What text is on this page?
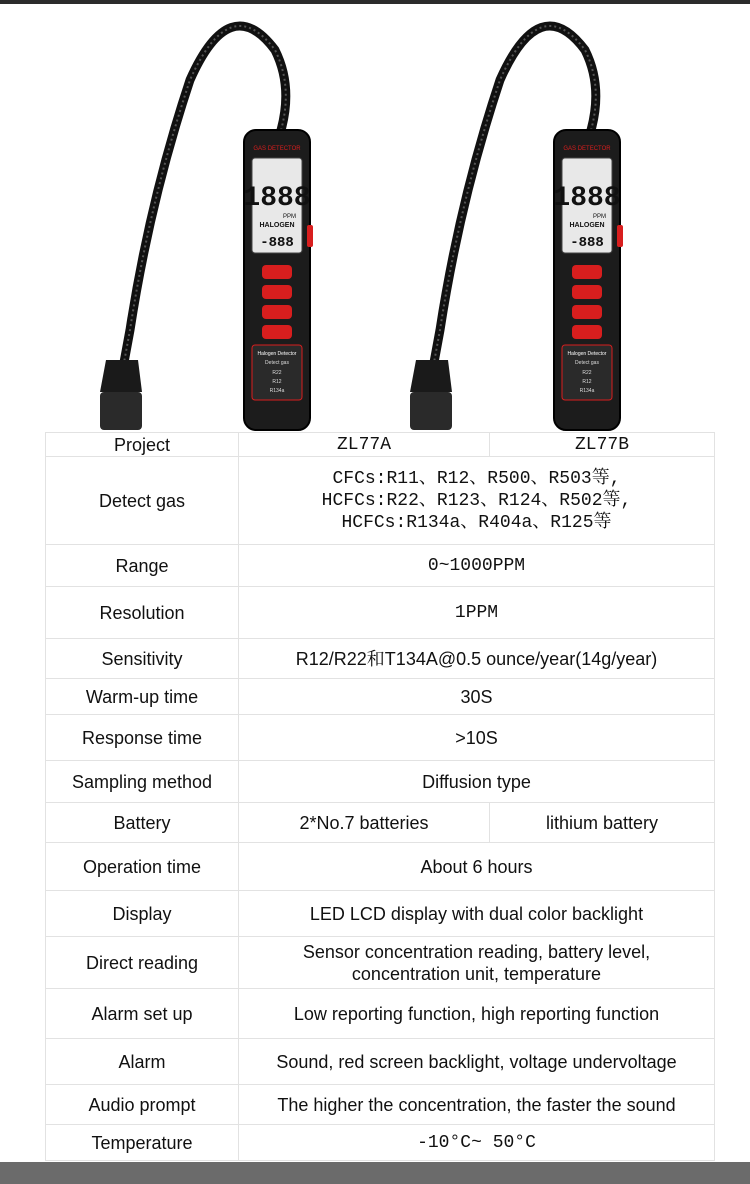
GAS DETECTOR
1888
PPM
HALOGEN
-888
Halogen Detector
Detect gas
R22
R12
R134a
GAS DETECTOR
1888
PPM
HALOGEN
-888
Halogen Detector
Detect gas
R22
R12
R134a
Project	ZL77A	ZL77B
Detect gas	CFCs:R11、R12、R500、R503等,
HCFCs:R22、R123、R124、R502等,
HCFCs:R134a、R404a、R125等	

Range	0~1000PPM	
Resolution	1PPM	
Sensitivity	R12/R22和T134A@0.5 ounce/year(14g/year)	
Warm-up time	30S	
Response time	>10S	
Sampling method	Diffusion type	
Battery	2*No.7 batteries	lithium battery
Operation time	About 6 hours	
Display	LED LCD display with dual color backlight	
Direct reading	Sensor concentration reading, battery level,
concentration unit, temperature	

Alarm set up	Low reporting function, high reporting function	
Alarm	Sound, red screen backlight, voltage undervoltage	
Audio prompt	The higher the concentration, the faster the sound	
Temperature	-10°C~ 50°C	
